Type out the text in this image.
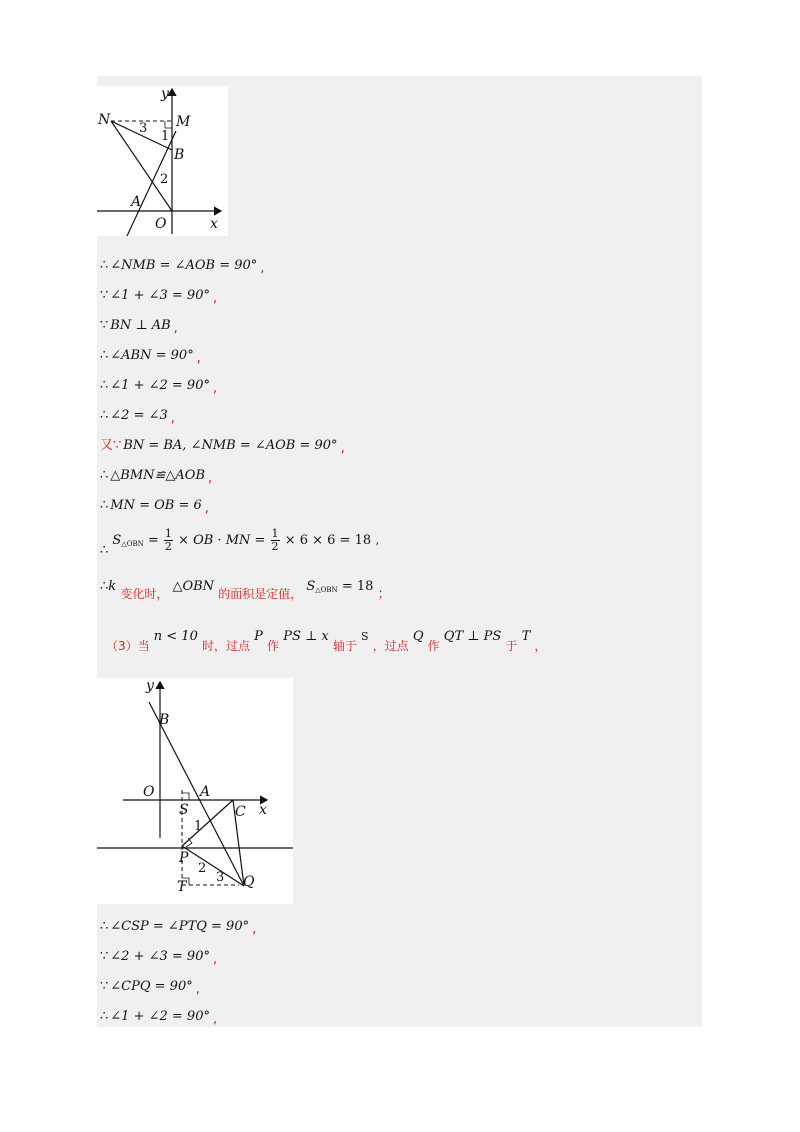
y
x
N	M
B
A
O
1
2
3
∴ ∠NMB = ∠AOB = 90° ,
∵ ∠1 + ∠3 = 90° ,
∵ BN ⊥ AB ,
∴ ∠ABN = 90° ,
∴ ∠1 + ∠2 = 90° ,
∴ ∠2 = ∠3 ,
又∵ BN = BA, ∠NMB = ∠AOB = 90° ,
∴ △BMN≌△AOB ,
∴ MN = OB = 6 ,
∴ $S_{\triangle OBN} = \frac{1}{2}$ × OB · MN = $\frac{1}{2} \times 6 \times 6 = 18$ ,
∴k 变化时， △OBN 的面积是定值， $S_{\triangle OBN} = 18$ ；
（3）当 n < 10 时，过点 P 作 PS ⊥ x 轴于 S ，过点 Q 作 QT ⊥ PS 于 T ，
y
x
B
O	A
S	C
P
T	Q
1
2
3
∴ ∠CSP = ∠PTQ = 90° ,
∵ ∠2 + ∠3 = 90° ,
∵ ∠CPQ = 90° ,
∴ ∠1 + ∠2 = 90° ,
